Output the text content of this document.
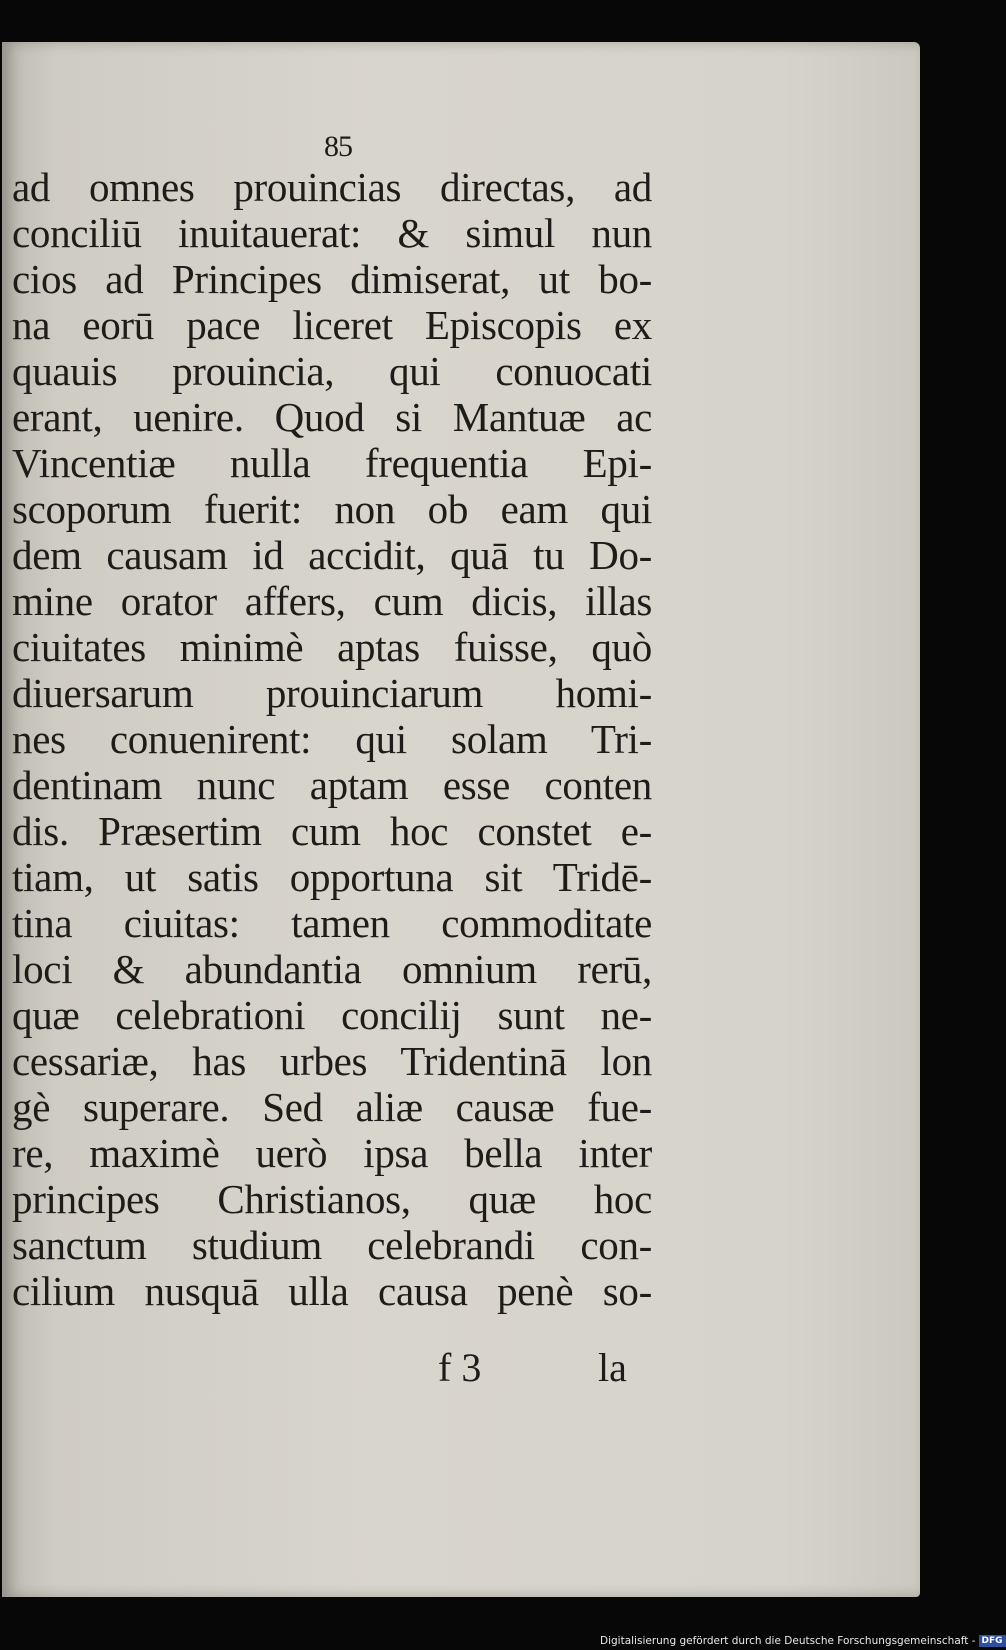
85
ad omnes prouincias directas, ad
conciliū inuitauerat: & simul nun
cios ad Principes dimiserat, ut bo-
na eorū pace liceret Episcopis ex
quauis prouincia, qui conuocati
erant, uenire. Quod si Mantuæ ac
Vincentiæ nulla frequentia Epi-
scoporum fuerit: non ob eam qui
dem causam id accidit, quā tu Do-
mine orator affers, cum dicis, illas
ciuitates minimè aptas fuisse, quò
diuersarum prouinciarum homi-
nes conuenirent: qui solam Tri-
dentinam nunc aptam esse conten
dis. Præsertim cum hoc constet e-
tiam, ut satis opportuna sit Tridē-
tina ciuitas: tamen commoditate
loci & abundantia omnium rerū,
quæ celebrationi concilij sunt ne-
cessariæ, has urbes Tridentinā lon
gè superare. Sed aliæ causæ fue-
re, maximè uerò ipsa bella inter
principes Christianos, quæ hoc
sanctum studium celebrandi con-
cilium nusquā ulla causa penè so-
f 3	la
Digitalisierung gefördert durch die Deutsche Forschungsgemeinschaft - DFG
